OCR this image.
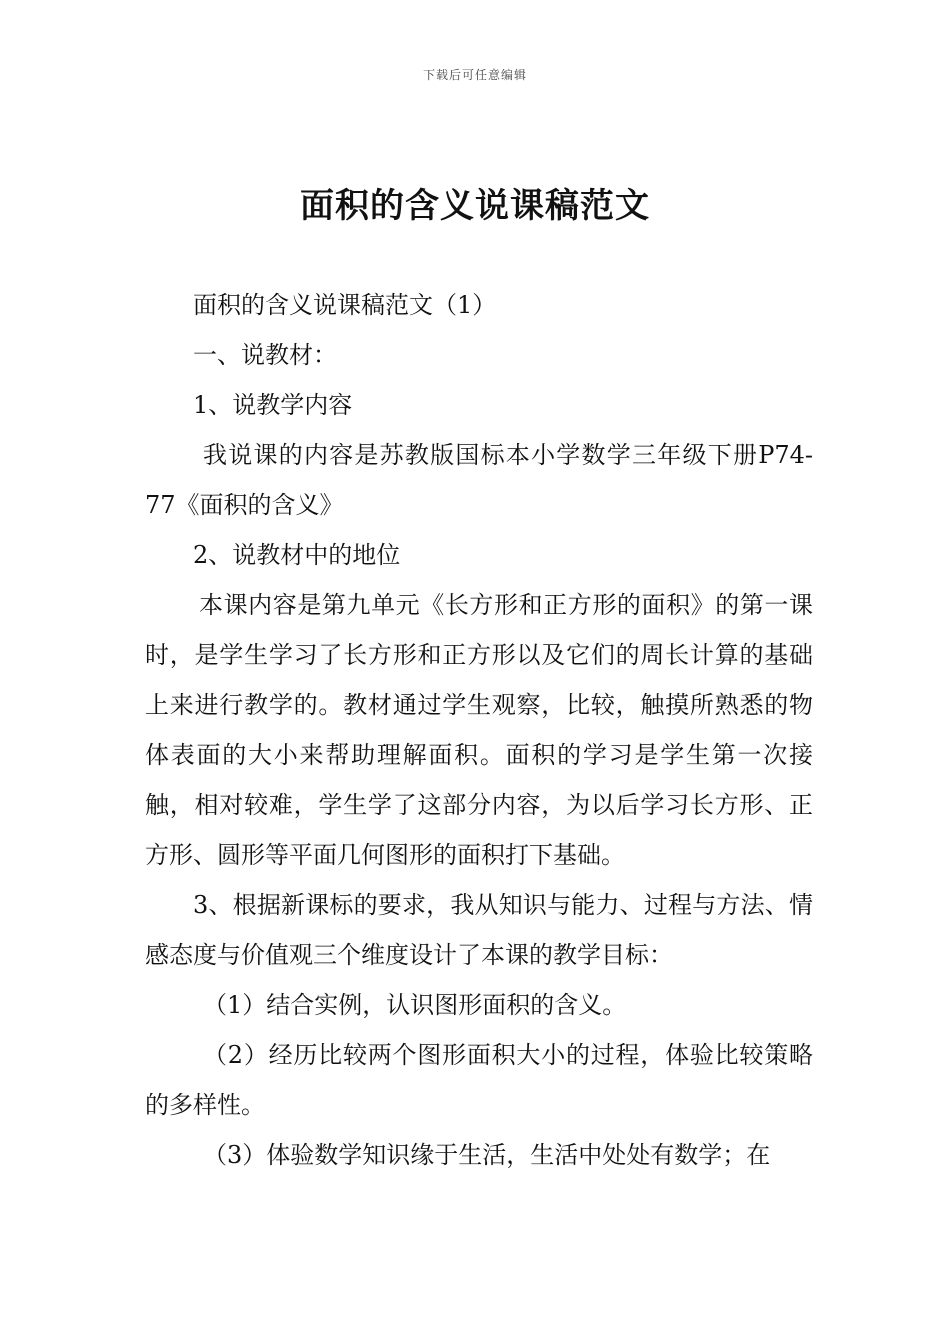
下载后可任意编辑
面积的含义说课稿范文

面积的含义说课稿范文（1）

一、说教材：

1、说教学内容

我说课的内容是苏教版国标本小学数学三年级下册P74-77《面积的含义》

2、说教材中的地位

本课内容是第九单元《长方形和正方形的面积》的第一课时，是学生学习了长方形和正方形以及它们的周长计算的基础上来进行教学的。教材通过学生观察，比较，触摸所熟悉的物体表面的大小来帮助理解面积。面积的学习是学生第一次接触，相对较难，学生学了这部分内容，为以后学习长方形、正方形、圆形等平面几何图形的面积打下基础。

3、根据新课标的要求，我从知识与能力、过程与方法、情感态度与价值观三个维度设计了本课的教学目标：

（1）结合实例，认识图形面积的含义。

（2）经历比较两个图形面积大小的过程，体验比较策略的多样性。

（3）体验数学知识缘于生活，生活中处处有数学；在
